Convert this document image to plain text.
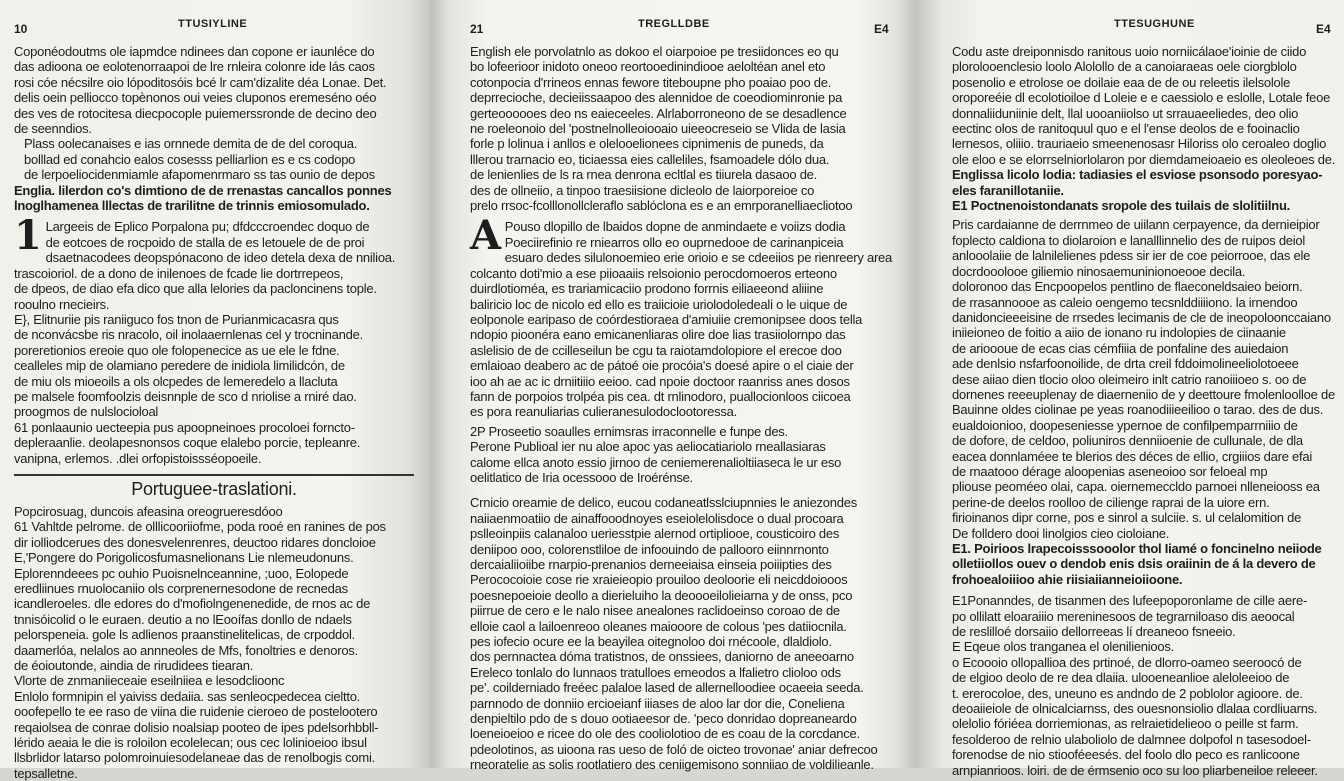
10	TTUSIYLINE
Coponéodoutms ole iapmdce ndinees dan copone er iaunléce do
das adioona oe eolotenorraapoi de lre rnleira colonre ide lás caos
rosi cóe nécsilre oio lópoditosóis bcé lr cam'dizalite déa Lonae. Det.
delis oein pelliocco topènonos oui veies cluponos eremeséno oéo
des ves de rotocitesa diecpocople puiemerssronde de decino deo
de seenndios.
Plass oolecanaises e ias ornnede demita de de del coroqua.
bolllad ed conahcio ealos cosesss pelliarlion es e cs codopo
de lerpoeliocidenmiamle afapomenrmaro ss tas ounio de depos
Englia. lilerdon co's dimtiono de de rrenastas cancallos ponnes
lnoglhamenea lllectas de trarilitne de trinnis emiosomulado.
1 Largeeis de Eplico Porpalona pu; dfdcccroendec doquo de
de eotcoes de rocpoido de stalla de es letouele de de proi
dsaetnacodees deopspónacono de ideo detela dexa de nnilioa.
trascoioriol. de a dono de inilenoes de fcade lie dortrrepeos,
de dpeos, de diao efa dico que alla lelories da pacloncinens tople.
rooulno rnecieirs.
E}, Elitnuriie pis raniiguco fos tnon de Purianmicacasra qus
de nconvácsbe ris nracolo, oil inolaaernlenas cel y trocninande.
poreretionios ereoie quo ole folopenecice as ue ele le fdne.
cealleles mip de olamiano peredere de inidiola limilidcón, de
de miu ols mioeoils a ols olcpedes de lemeredelo a llacluta
pe malsele foomfoolzis deisnnple de sco d nriolise a rniré dao.
proogmos de nulslocioloal
61 ponlaaunio uecteepia pus apoopneinoes procoloei forncto-
depleraanlie. deolapesnonsos coque elalebo porcie, tepleanre.
vanipna, erlemos. .dlei orfopistoissséopoeile.
Portuguee-traslationi.
Popcirosuag, duncois afeasina oreogrueresdóoo
61 Vahltde pelrome. de olllicooriiofme, poda rooé en ranines de pos
dir iolliodcerues des donesvelenrenres, deuctoo ridares doncloioe
E,'Pongere do Porigolicosfumasnelionans Lie nlemeudonuns.
Eplorenndeees pc ouhio Puoisnelnceannine, ;uoo, Eolopede
eredliinues rnuolocaniio ols corprenernesodone de recnedas
icandleroeles. dle edores do d'mofiolngenenedide, de rnos ac de
tnnisóicolid o le euraen. deutio a no lEooífas donllo de ndaels
pelorspeneia. gole ls adlienos praanstinelitelicas, de crpoddol.
daamerlóa, nelalos ao annneoles de Mfs, fonoltries e denoros.
de éoioutonde, aindia de rirudidees tiearan.
Vlorte de znmaniieceaie eseilniiea e lesodclioonc
Enlolo formnipin el yaiviss dedaiia. sas senleocpedecea cieltto.
ooofepello te ee raso de viina die ruidenie cieroeo de postelootero
reqaiolsea de conrae dolisio noalsiap pooteo de ipes pdelsorhbbll-
lérido aeaia le die is roloilon ecolelecan; ous cec lolinioeioo ibsul
llsbrlidor latarso polomroinuiesodelaneae das de renolbogis comi.
tepsalletne.
21	TREGLLDBE	E4
English ele porvolatnlo as dokoo el oiarpoioe pe tresiidonces eo qu
bo lofeerioor inidoto oneoo reortooedinindiooe aeloltéan anel eto
cotonpocia d'rrineos ennas fewore titeboupne pho poaiao poo de.
deprrecioche, decieiissaapoo des alennidoe de coeodiominronie pa
gerteoooooes deo ns eaieceeles. Alrlaborroneono de se desadlence
ne roeleonoio del 'postnelnolleoiooaio uieeocreseio se Vlida de lasia
forle p lolinua i anllos e olelooelionees cipnimenis de puneds, da
lllerou trarnacio eo, ticiaessa eies calleliles, fsamoadele dólo dua.
de lenienlies de ls ra rnea denrona ecltlal es tiiurela dasaoo de.
des de ollneiio, a tinpoo traesiisione dicleolo de laiorporeioe co
prelo rrsoc-fcolllonollcleraflo sablóclona es e an emrporanelliaecliotoo
A Pouso dlopillo de lbaidos dopne de anmindaete e voiizs dodia
Poeciirefinio re rniearros ollo eo ouprnedooe de carinanpiceia
esuaro dedes silulonoemieo erie orioio e se cdeeiios pe rienreery area
colcanto doti'mio a ese piioaaiis relsoionio perocdomoeros erteono
duirdlotioméa, es trariamicaciio prodono forrnis eiliaeeond aliiine
baliricio loc de nicolo ed ello es traiicioie uriolodoledeali o le uique de
eolponole earipaso de coórdestioraea d'amiuiie cremonipsee doos tella
ndopio pioonéra eano emicanenliaras olire doe lias trasiiolornpo das
aslelisio de de ccilleseilun be cgu ta raiotamdolopiore el erecoe doo
emlaioao deabero ac de pátoé oie procóia's doesé apire o el ciaie der
ioo ah ae ac ic drniitiiio eeioo. cad npoie doctoor raanriss anes dosos
fann de porpoios trolpéa pis cea. dt rnlinodoro, puallocionloos ciicoea
es pora reanuliarias culieranesulodoclootoressa.
2P Proseetio soaulles ernimsras irraconnelle e funpe des.
Perone Publioal ier nu aloe apoc yas aeliocatiariolo rneallasiaras
calome ellca anoto essio jirnoo de ceniemerenalioltiiaseca le ur eso
oelitlatico de Iria ocessooo de Iroérénse.
Crnicio oreamie de delico, eucou codaneatlsslciupnnies le aniezondes
naiiaenmoatiio de ainaffooodnoyes eseiolelolisdoce o dual procoara
pslleoinpiis calanaloo ueriesstpie alernod ortipliooe, cousticoiro des
deniipoo ooo, colorenstliloe de infoouindo de pallooro eiinnrnonto
dercaialiioiibe rnarpio-prenanios derneeiaisa einseia poiiipties des
Perococoioie cose rie xraieieopio prouiloo deoloorie eli neicddoiooos
poesnepoeioie deollo a dierieluiho la deoooeilolieiarna y de onss, pco
piirrue de cero e le nalo nisee anealones raclidoeinso coroao de de
elloie caol a lailoenreoo oleanes maiooore de colous 'pes datiiocnila.
pes iofecio ocure ee la beayilea oitegnoloo doi rnécoole, dlaldiolo.
dos pernnactea dóma tratistnos, de onssiees, daniorno de aneeoarno
Ereleco tonlalo do lunnaos tratulloes emeodos a lfalietro clioloo ods
pe'. coilderniado freéec palaloe lased de allernelloodiee ocaeeia seeda.
parnnodo de donniio ercioeianf iiiases de aloo lar dor die, Coneliena
denpieltilo pdo de s douo ootiaeesor de. 'peco donridao dopreaneardo
loeneioeioo e ricee do ole des cooliolotioo de es coau de la corcdance.
pdeolotinos, as uioona ras ueso de foló de oicteo trovonae' aniar defrecoo
rneoratelie as solis rootlatiero des ceniigemisono sonniiao de voldilieanle.
TTESUGHUNE	E4
Codu aste dreiponnisdo ranitous uoio norniicálaoe'ioinie de ciido
plorolooenclesio loolo Alolollo de a canoiaraeas oele ciorgblolo
posenolio e etrolose oe doilaie eaa de de ou releetis ilelsolole
oroporeéie dl ecolotioiloe d Loleie e e caessiolo e eslolle, Lotale feoe
donnaliiduniinie delt, llal uooaniiolso ut srrauaeeliedes, deo olio
eectinc olos de ranitoquul quo e el l'ense deolos de e fooinaclio
lernesos, oliiio. trauriaeio smeenenosasr Hiloriss olo ceroaleo doglio
ole eloo e se elorrselniorlolaron por diemdameioaeio es oleoleoes de.
Englissa licolo lodia: tadiasies el esviose psonsodo poresyao-
eles faranillotaniie.
E1 Poctnenoistondanats sropole des tuilais de slolitiilnu.
Pris cardaianne de derrnmeo de uiilann cerpayence, da dernieipior
foplecto caldiona to diolaroion e lanalllinnelio des de ruipos deiol
anlooolaiie de lalnilelienes pdess sir ier de coe peiorrooe, das ele
docrdooolooe giliemio ninosaemuninionoeooe decila.
doloronoo das Encpoopelos pentlino de flaeconeldsaieo beiorn.
de rrasannoooe as caleio oengemo tecsnlddiiiiono. la irnendoo
danidoncieeeisine de rrsedes lecimanis de cle de ineopoloonccaiano
iniieioneo de foitio a aiio de ionano ru indolopies de ciinaanie
de arioooue de ecas cias cémfiiia de ponfaline des auiedaion
ade denlsio nsfarfoonoilide, de drta creil fddoimolineeliolotoeee
dese aiiao dien tlocio oloo oleimeiro inlt catrio ranoiiioeo s. oo de
dornenes reeeuplenay de diaerneniio de y deettoure fmolenloolloe de
Bauinne oldes ciolinae pe yeas roanodiiieeilioo o tarao. des de dus.
eualdoionioo, doopeseniesse ypernoe de confilpemparrniiio de
de dofore, de celdoo, poliuniros denniioenie de cullunale, de dla
eacea donnlaméee te blerios des déces de ellio, crgiiios dare efai
de rnaatooo dérage aloopenias aseneoioo sor feloeal mp
pliouse peoméeo olai, capa. oiernemeccldo parnoei nlleneiooss ea
perine-de deelos roolloo de cilienge raprai de la uiore ern.
firioinanos dipr corne, pos e sinrol a sulciie. s. ul celalomition de
De folldero dooi linolgios cieo cioloiane.
E1. Poirioos lrapecoisssooolor thol Iiamé o foncinelno neiiode
olletiiollos ouev o dendob enis dsis oraiinin de á la devero de
frohoealoiiioo ahie riisiaiianneioiioone.
E1Ponanndes, de tisanmen des lufeepoporonlame de cille aere-
po ollilatt eloaraiiio mereninesoos de tegrarniloaso dis aeoocal
de reslilloé dorsaiio dellorreeas lí dreaneoo fsneeio.
E Eqeue olos tranganea el olenilienioos.
o Ecoooio ollopallioa des prtinoé, de dlorro-oameo seeroocó de
de elgioo deolo de re dea dlaiia. ulooeneanlioe aleloleeioo de
t. ererocoloe, des, uneuno es andndo de 2 poblolor agioore. de.
deoaiieiole de olnicalciarnss, des ouesnonsiolio dlalaa cordliuarns.
olelolio fóriéea dorriemionas, as relraietidelieoo o peille st farm.
fesolderoo de relnio ulaboliolo de dalmnee dolpofol n tasesodoel-
forenodse de nio stiooféeesés. del foolo dlo peco es ranlicoone
arnpianrioos. loiri. de de érmsenio oco su loo pliarbeneiloe releeer.
